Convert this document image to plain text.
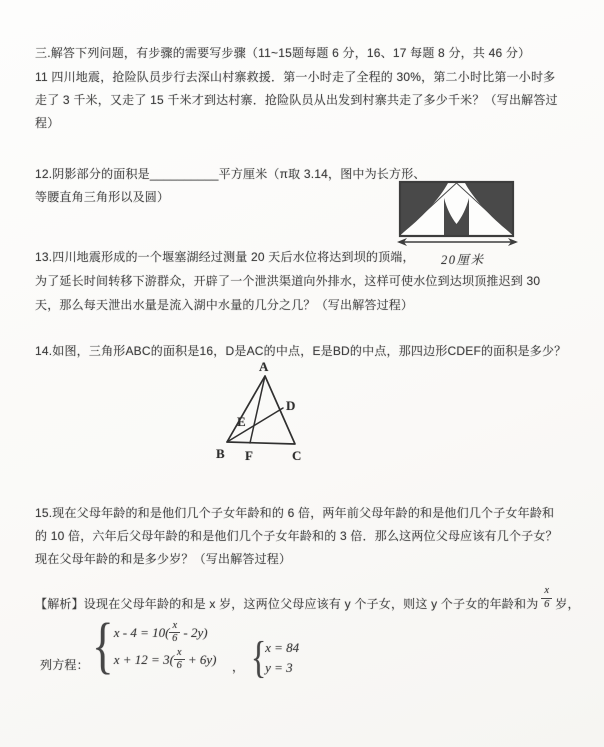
三.解答下列问题，有步骤的需要写步骤（11~15题每题 6 分，16、17 每题 8 分，共 46 分）
11 四川地震，抢险队员步行去深山村寨救援．第一小时走了全程的 30%，第二小时比第一小时多
走了 3 千米，又走了 15 千米才到达村寨．抢险队员从出发到村寨共走了多少千米？（写出解答过
程）
12.阴影部分的面积是__________平方厘米（π取 3.14，图中为长方形、
等腰直角三角形以及圆）
20厘米
13.四川地震形成的一个堰塞湖经过测量 20 天后水位将达到坝的顶端，
为了延长时间转移下游群众，开辟了一个泄洪渠道向外排水，这样可使水位到达坝顶推迟到 30
天，那么每天泄出水量是流入湖中水量的几分之几？（写出解答过程）
14.如图，三角形ABC的面积是16，D是AC的中点，E是BD的中点，那四边形CDEF的面积是多少？
A
B	C
D
E
F
15.现在父母年龄的和是他们几个子女年龄和的 6 倍，两年前父母年龄的和是他们几个子女年龄和
的 10 倍，六年后父母年龄的和是他们几个子女年龄和的 3 倍．那么这两位父母应该有几个子女？
现在父母年龄的和是多少岁？（写出解答过程）
【解析】设现在父母年龄的和是 x 岁，这两位父母应该有 y 个子女，则这 y 个子女的年龄和为 $\frac{x}{6}$ 岁，
列方程： { $x - 4 = 10( \frac{x}{6} - 2y)$
$x + 12 = 3( \frac{x}{6} + 6y)$ ， {
x = 84
y = 3
